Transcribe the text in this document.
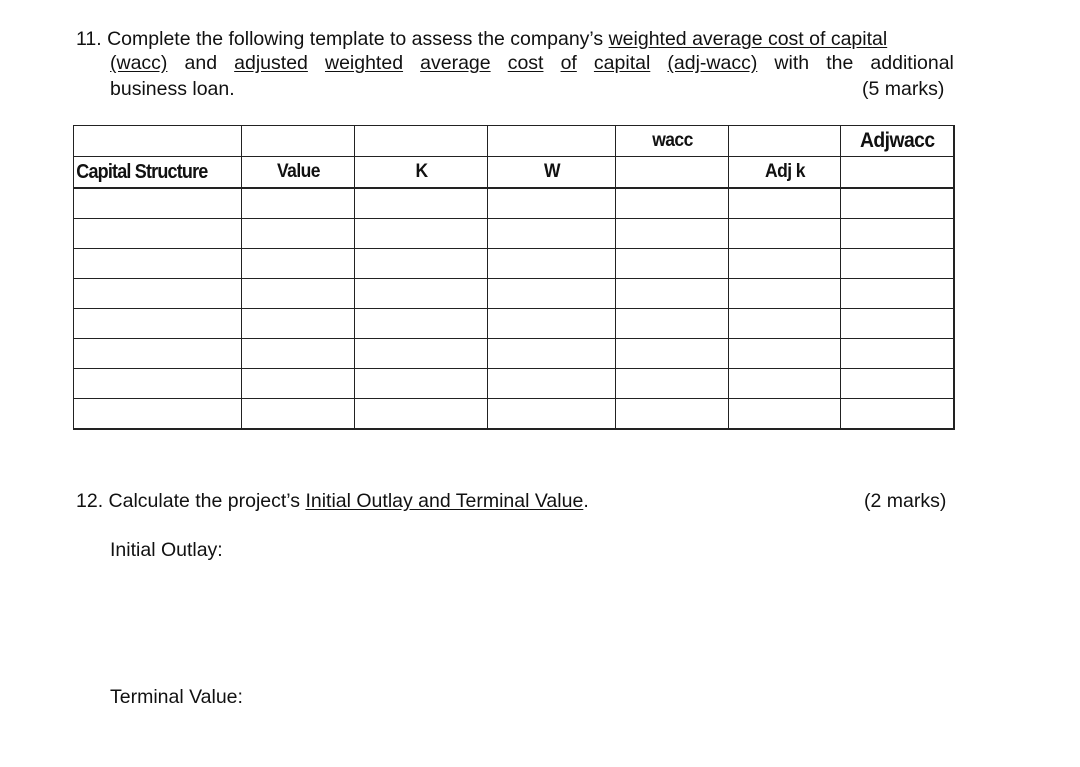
11. Complete the following template to assess the company’s weighted average cost of capital
(wacc) and adjusted weighted average cost of capital (adj-wacc) with the additional
business loan.	(5 marks)
				wacc		Adjwacc
Capital Structure	Value	K	W		Adj k	

12. Calculate the project’s Initial Outlay and Terminal Value.	(2 marks)
Initial Outlay:
Terminal Value:
